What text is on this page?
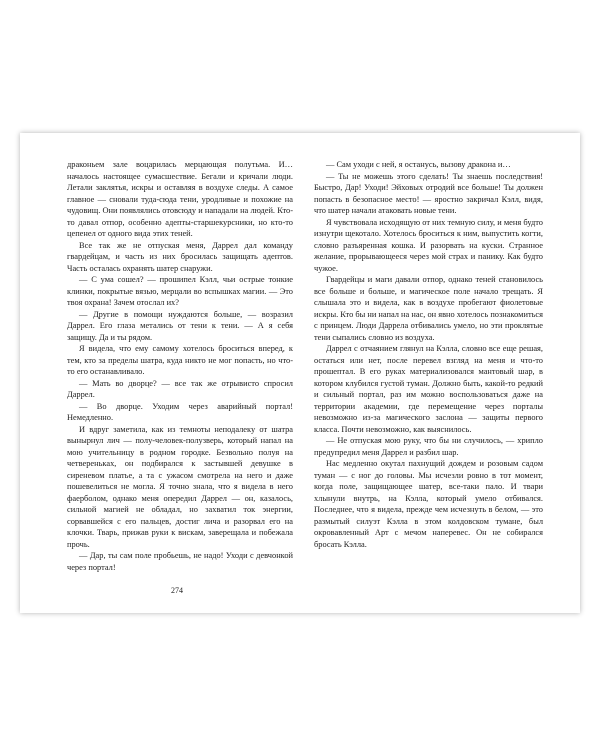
драконьем зале воцарилась мерцающая полутьма. И… началось настоящее сумасшествие. Бегали и кричали люди. Летали заклятья, искры и оставляя в воздухе следы. А самое главное — сновали туда-сюда тени, уродливые и похожие на чудовищ. Они появлялись отовсюду и нападали на людей. Кто-то давал отпор, особенно адепты-старшекурсники, но кто-то цепенел от одного вида этих теней.

Все так же не отпуская меня, Даррел дал команду гвардейцам, и часть из них бросилась защищать адептов. Часть осталась охранять шатер снаружи.

— С ума сошел? — прошипел Кэлл, чьи острые тонкие клинки, покрытые вязью, мерцали во вспышках магии. — Это твоя охрана! Зачем отослал их?

— Другие в помощи нуждаются больше, — возразил Даррел. Его глаза метались от тени к тени. — А я себя защищу. Да и ты рядом.

Я видела, что ему самому хотелось броситься вперед, к тем, кто за пределы шатра, куда никто не мог попасть, но что-то его останавливало.

— Мать во дворце? — все так же отрывисто спросил Даррел.

— Во дворце. Уходим через аварийный портал! Немедленно.

И вдруг заметила, как из темноты неподалеку от шатра вынырнул лич — полу-человек-полузверь, который напал на мою учительницу в родном городке. Безвольно полуя на четвереньках, он подбирался к застывшей девушке в сиреневом платье, а та с ужасом смотрела на него и даже пошевелиться не могла. Я точно знала, что я видела в него фаерболом, однако меня опередил Даррел — он, казалось, сильной магией не обладал, но захватил ток энергии, сорвавшейся с его пальцев, достиг лича и разорвал его на клочки. Тварь, прижав руки к вискам, заверещала и побежала прочь.

— Дар, ты сам поле пробьешь, не надо! Уходи с девчонкой через портал!

274

— Сам уходи с ней, я останусь, вызову дракона и…

— Ты не можешь этого сделать! Ты знаешь последствия! Быстро, Дар! Уходи! Эйховых отродий все больше! Ты должен попасть в безопасное место! — яростно закричал Кэлл, видя, что шатер начали атаковать новые тени.

Я чувствовала исходящую от них темную силу, и меня будто изнутри щекотало. Хотелось броситься к ним, выпустить когти, словно разъяренная кошка. И разорвать на куски. Странное желание, прорывающееся через мой страх и панику. Как будто чужое.

Гвардейцы и маги давали отпор, однако теней становилось все больше и больше, и магическое поле начало трещать. Я слышала это и видела, как в воздухе пробегают фиолетовые искры. Кто бы ни напал на нас, он явно хотелось познакомиться с принцем. Люди Даррела отбивались умело, но эти проклятые тени сыпались словно из воздуха.

Даррел с отчаянием глянул на Кэлла, словно все еще решая, остаться или нет, после перевел взгляд на меня и что-то прошептал. В его руках материализовался мантовый шар, в котором клубился густой туман. Должно быть, какой-то редкий и сильный портал, раз им можно воспользоваться даже на территории академии, где перемещение через порталы невозможно из-за магического заслона — защиты первого класса. Почти невозможно, как выяснилось.

— Не отпуская мою руку, что бы ни случилось, — хрипло предупредил меня Даррел и разбил шар.

Нас медленно окутал пахнущий дождем и розовым садом туман — с ног до головы. Мы исчезли ровно в тот момент, когда поле, защищающее шатер, все-таки пало. И твари хлынули внутрь, на Кэлла, который умело отбивался. Последнее, что я видела, прежде чем исчезнуть в белом, — это размытый силуэт Кэлла в этом колдовском тумане, был окровавленный Арт с мечом наперевес. Он не собирался бросать Кэлла.
